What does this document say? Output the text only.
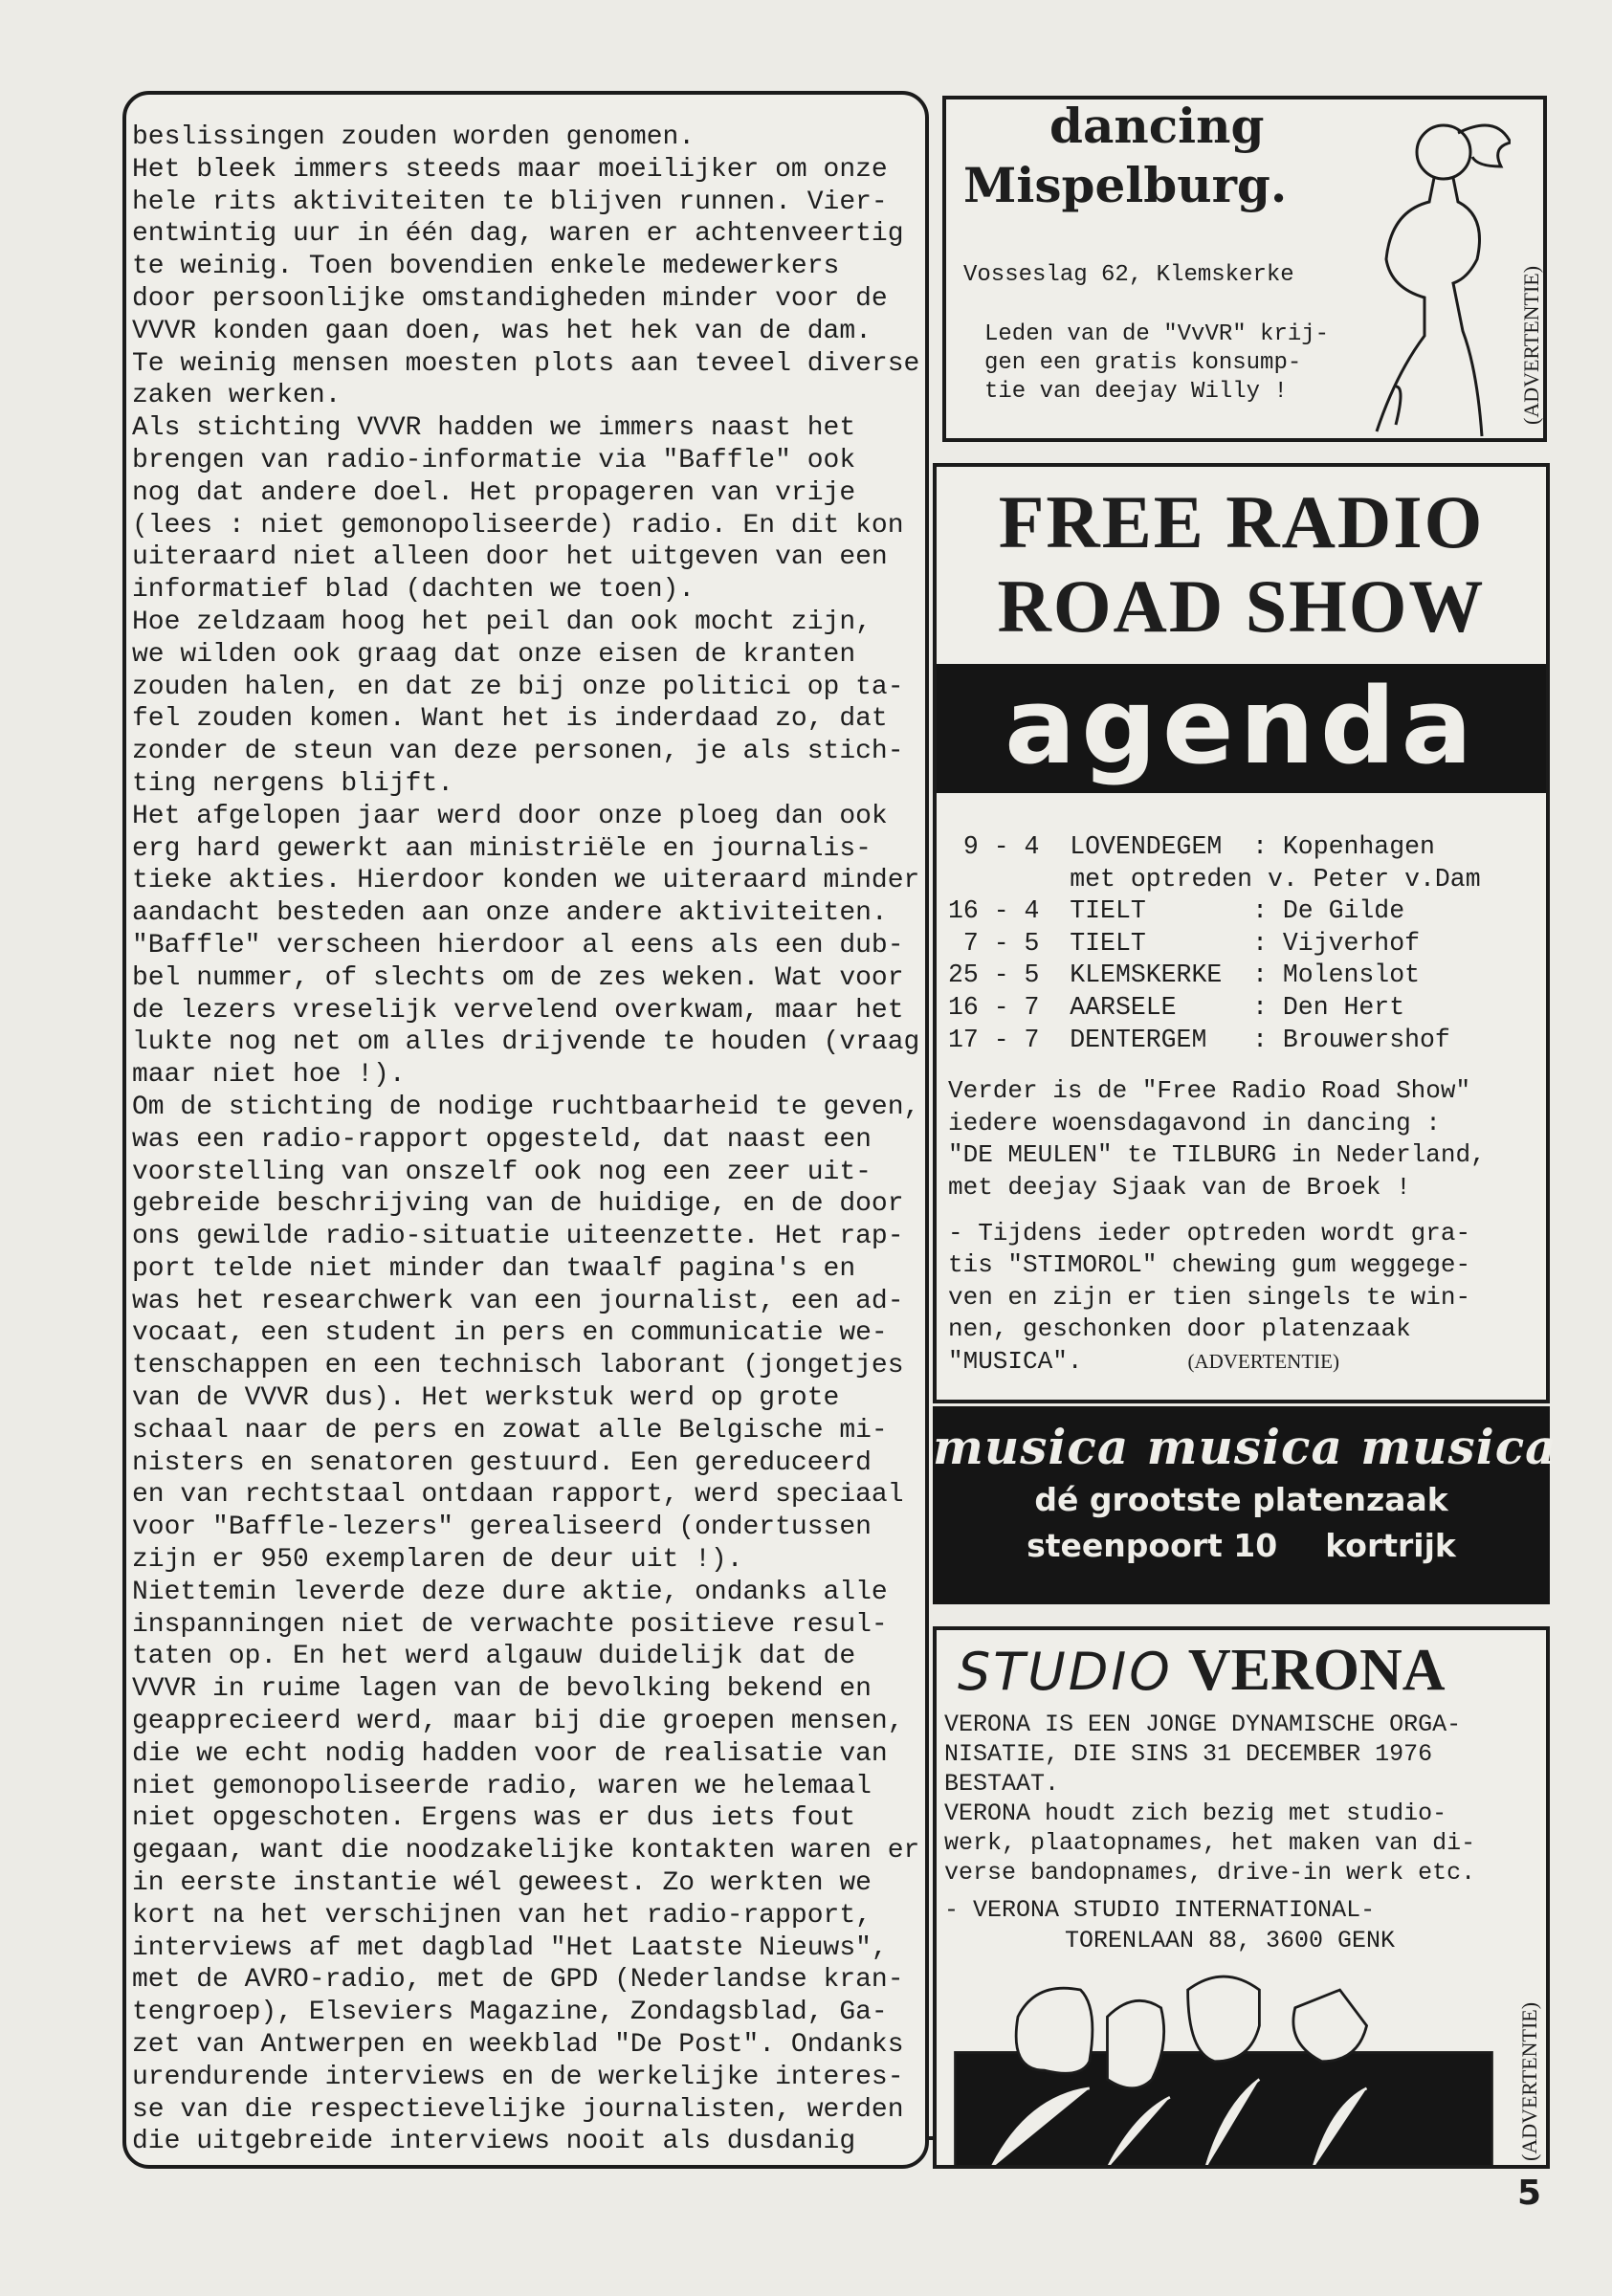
beslissingen zouden worden genomen.
Het bleek immers steeds maar moeilijker om onze
hele rits aktiviteiten te blijven runnen. Vier-
entwintig uur in één dag, waren er achtenveertig
te weinig. Toen bovendien enkele medewerkers
door persoonlijke omstandigheden minder voor de
VVVR konden gaan doen, was het hek van de dam.
Te weinig mensen moesten plots aan teveel diverse
zaken werken.
Als stichting VVVR hadden we immers naast het
brengen van radio-informatie via "Baffle" ook
nog dat andere doel. Het propageren van vrije
(lees : niet gemonopoliseerde) radio. En dit kon
uiteraard niet alleen door het uitgeven van een
informatief blad (dachten we toen).
Hoe zeldzaam hoog het peil dan ook mocht zijn,
we wilden ook graag dat onze eisen de kranten
zouden halen, en dat ze bij onze politici op ta-
fel zouden komen. Want het is inderdaad zo, dat
zonder de steun van deze personen, je als stich-
ting nergens blijft.
Het afgelopen jaar werd door onze ploeg dan ook
erg hard gewerkt aan ministriële en journalis-
tieke akties. Hierdoor konden we uiteraard minder
aandacht besteden aan onze andere aktiviteiten.
"Baffle" verscheen hierdoor al eens als een dub-
bel nummer, of slechts om de zes weken. Wat voor
de lezers vreselijk vervelend overkwam, maar het
lukte nog net om alles drijvende te houden (vraag
maar niet hoe !).
Om de stichting de nodige ruchtbaarheid te geven,
was een radio-rapport opgesteld, dat naast een
voorstelling van onszelf ook nog een zeer uit-
gebreide beschrijving van de huidige, en de door
ons gewilde radio-situatie uiteenzette. Het rap-
port telde niet minder dan twaalf pagina's en
was het researchwerk van een journalist, een ad-
vocaat, een student in pers en communicatie we-
tenschappen en een technisch laborant (jongetjes
van de VVVR dus). Het werkstuk werd op grote
schaal naar de pers en zowat alle Belgische mi-
nisters en senatoren gestuurd. Een gereduceerd
en van rechtstaal ontdaan rapport, werd speciaal
voor "Baffle-lezers" gerealiseerd (ondertussen
zijn er 950 exemplaren de deur uit !).
Niettemin leverde deze dure aktie, ondanks alle
inspanningen niet de verwachte positieve resul-
taten op. En het werd algauw duidelijk dat de
VVVR in ruime lagen van de bevolking bekend en
geapprecieerd werd, maar bij die groepen mensen,
die we echt nodig hadden voor de realisatie van
niet gemonopoliseerde radio, waren we helemaal
niet opgeschoten. Ergens was er dus iets fout
gegaan, want die noodzakelijke kontakten waren er
in eerste instantie wél geweest. Zo werkten we
kort na het verschijnen van het radio-rapport,
interviews af met dagblad "Het Laatste Nieuws",
met de AVRO-radio, met de GPD (Nederlandse kran-
tengroep), Elseviers Magazine, Zondagsblad, Ga-
zet van Antwerpen en weekblad "De Post". Ondanks
urendurende interviews en de werkelijke interes-
se van die respectievelijke journalisten, werden
die uitgebreide interviews nooit als dusdanig
dancing
Mispelburg.
Vosseslag 62, Klemskerke
Leden van de "VvVR" krij-
gen een gratis konsump-
tie van deejay Willy !	(ADVERTENTIE)
FREE RADIO
ROAD SHOW
agenda
9 - 4 LOVENDEGEM  : Kopenhagen
met optreden v. Peter v.Dam
16 - 4 TIELT       : De Gilde
7 - 5 TIELT       : Vijverhof
25 - 5 KLEMSKERKE  : Molenslot
16 - 7 AARSELE     : Den Hert
17 - 7 DENTERGEM   : Brouwershof
Verder is de "Free Radio Road Show"
iedere woensdagavond in dancing :
"DE MEULEN" te TILBURG in Nederland,
met deejay Sjaak van de Broek !
- Tijdens ieder optreden wordt gra-
tis "STIMOROL" chewing gum weggege-
ven en zijn er tien singels te win-
nen, geschonken door platenzaak
"MUSICA".	(ADVERTENTIE)
musica musica musica
dé grootste platenzaak
steenpoort 10 kortrijk
STUDIO VERONA
VERONA IS EEN JONGE DYNAMISCHE ORGA-
NISATIE, DIE SINS 31 DECEMBER 1976
BESTAAT.
VERONA houdt zich bezig met studio-
werk, plaatopnames, het maken van di-
verse bandopnames, drive-in werk etc.
- VERONA STUDIO INTERNATIONAL-
TORENLAAN 88, 3600 GENK
(ADVERTENTIE)
5
